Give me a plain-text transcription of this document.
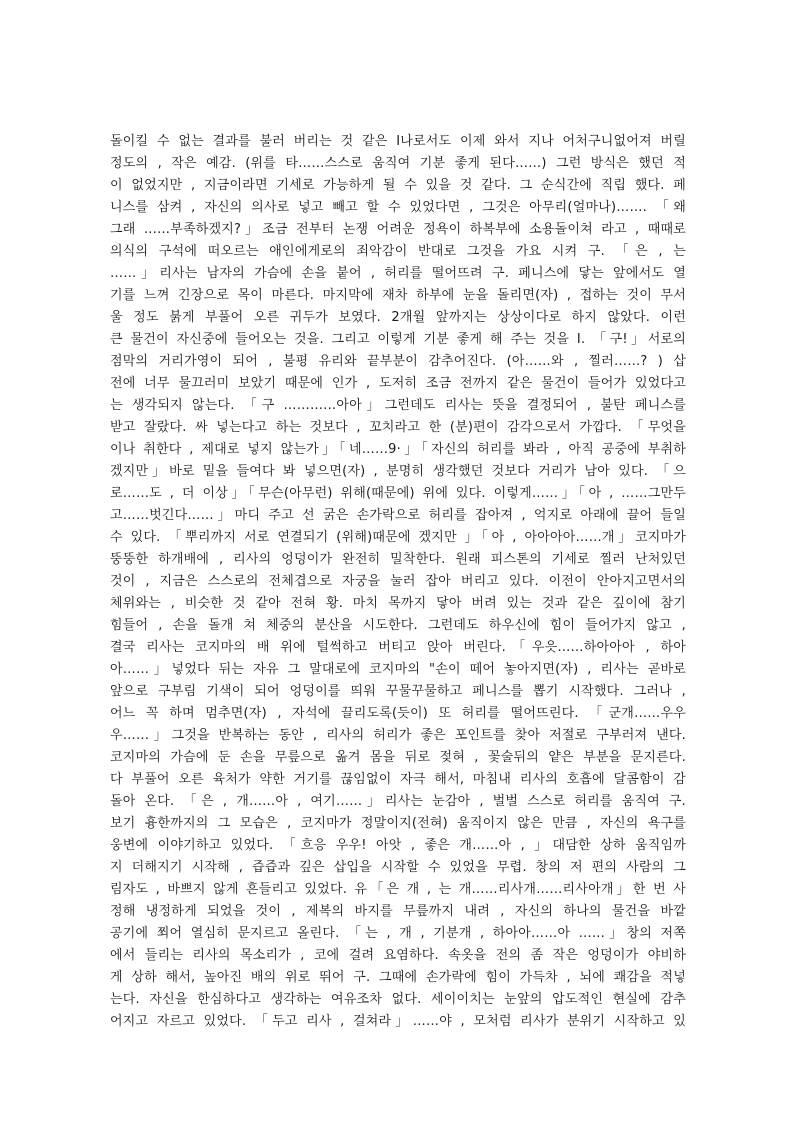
돌이킬 수 없는 결과를 불러 버리는 것 같은 I나로서도 이제 와서 지나 어처구니없어져 버릴
정도의 , 작은 예감. (위를 타……스스로 움직여 기분 좋게 된다……) 그런 방식은 했던 적
이 없었지만 , 지금이라면 기세로 가능하게 될 수 있을 것 같다. 그 순식간에 직립 했다. 페
니스를 삼켜 , 자신의 의사로 넣고 빼고 할 수 있었다면 , 그것은 아무리(얼마나)……. 「왜
그래 ……부족하겠지?」조금 전부터 논쟁 어려운 정욕이 하복부에 소용돌이쳐 라고 , 때때로
의식의 구석에 떠오르는 애인에게로의 죄악감이 반대로 그것을 가요 시켜 구. 「은 , 는
……」리사는 남자의 가슴에 손을 붙어 , 허리를 떨어뜨려 구. 페니스에 닿는 앞에서도 열
기를 느껴 긴장으로 목이 마른다. 마지막에 재차 하부에 눈을 돌리면(자) , 접하는 것이 무서
울 정도 붉게 부풀어 오른 귀두가 보였다. 2개월 앞까지는 상상이다로 하지 않았다. 이런
큰 물건이 자신중에 들어오는 것을. 그리고 이렇게 기분 좋게 해 주는 것을 I. 「구!」서로의
점막의 거리가영이 되어 , 불평 유리와 끝부분이 감추어진다. (아……와 , 찔러……? ) 삽
전에 너무 물끄러미 보았기 때문에 인가 , 도저히 조금 전까지 같은 물건이 들어가 있었다고
는 생각되지 않는다. 「구 …………아아」그런데도 리사는 뜻을 결정되어 , 불탄 페니스를
받고 잘랐다. 싸 넣는다고 하는 것보다 , 꼬치라고 한 (분)편이 감각으로서 가깝다. 「무엇을
이나 취한다 , 제대로 넣지 않는가」「네……9·」「자신의 허리를 봐라 , 아직 공중에 부취하
겠지만」바로 밑을 들여다 봐 넣으면(자) , 분명히 생각했던 것보다 거리가 남아 있다. 「으
로……도 , 더 이상」「무슨(아무런) 위해(때문에) 위에 있다. 이렇게……」「아 , ……그만두
고……벗긴다……」마디 주고 선 굵은 손가락으로 허리를 잡아져 , 억지로 아래에 끌어 들일
수 있다. 「뿌리까지 서로 연결되기 (위해)때문에 겠지만 」「아 , 아아아아……개」코지마가
뚱뚱한 하개배에 , 리사의 엉덩이가 완전히 밀착한다. 원래 피스톤의 기세로 찔러 난처있던
것이 , 지금은 스스로의 전체겹으로 자궁을 눌러 잡아 버리고 있다. 이전이 안아지고면서의
체위와는 , 비슷한 것 같아 전혀 황. 마치 목까지 닿아 버려 있는 것과 같은 깊이에 참기
힘들어 , 손을 돌개 쳐 체중의 분산을 시도한다. 그런데도 하우신에 힘이 들어가지 않고 ,
결국 리사는 코지마의 배 위에 털썩하고 버티고 앉아 버린다.「우읏……하아아아 , 하아
아……」넣었다 뒤는 자유 그 말대로에 코지마의 "손이 떼어 놓아지면(자) , 리사는 곧바로
앞으로 구부림 기색이 되어 엉덩이를 띄워 꾸물꾸물하고 페니스를 뽑기 시작했다. 그러나 ,
어느 꼭 하며 멈추면(자) , 자석에 끌리도록(듯이) 또 허리를 떨어뜨린다. 「군개……우우
우……」그것을 반복하는 동안 , 리사의 허리가 좋은 포인트를 찾아 저절로 구부러져 낸다.
코지마의 가슴에 둔 손을 무릎으로 옮겨 몸을 뒤로 젖혀 , 꽃술뒤의 얕은 부분을 문지른다.
다 부풀어 오른 육처가 약한 거기를 끊임없이 자극 해서, 마침내 리사의 호흡에 달콤함이 감
돌아 온다. 「은 , 개……아 , 여기……」리사는 눈감아 , 벌벌 스스로 허리를 움직여 구.
보기 흉한까지의 그 모습은 , 코지마가 정말이지(전혀) 움직이지 않은 만큼 , 자신의 욕구를
웅변에 이야기하고 있었다. 「흐응 우우! 아앗 , 좋은 개……아 , 」대담한 상하 움직임까
지 더해지기 시작해 , 즙즙과 깊은 삽입을 시작할 수 있었을 무렵. 창의 저 편의 사람의 그
림자도 , 바쁘지 않게 흔들리고 있었다. 유「은 개 , 는 개……리사개……리사아개」한 번 사
정해 냉정하게 되었을 것이 , 제복의 바지를 무릎까지 내려 , 자신의 하나의 물건을 바깥
공기에 쬐어 열심히 문지르고 올린다. 「는 , 개 , 기분개 , 하아아……아 ……」창의 저쪽
에서 들리는 리사의 목소리가 , 코에 걸려 요염하다. 속옷을 전의 좀 작은 엉덩이가 야비하
게 상하 해서, 높아진 배의 위로 뛰어 구. 그때에 손가락에 힘이 가득차 , 뇌에 쾌감을 적넣
는다. 자신을 한심하다고 생각하는 여유조차 없다. 세이이치는 눈앞의 압도적인 현실에 감추
어지고 자르고 있었다. 「두고 리사 , 걸쳐라」……야 , 모처럼 리사가 분위기 시작하고 있
